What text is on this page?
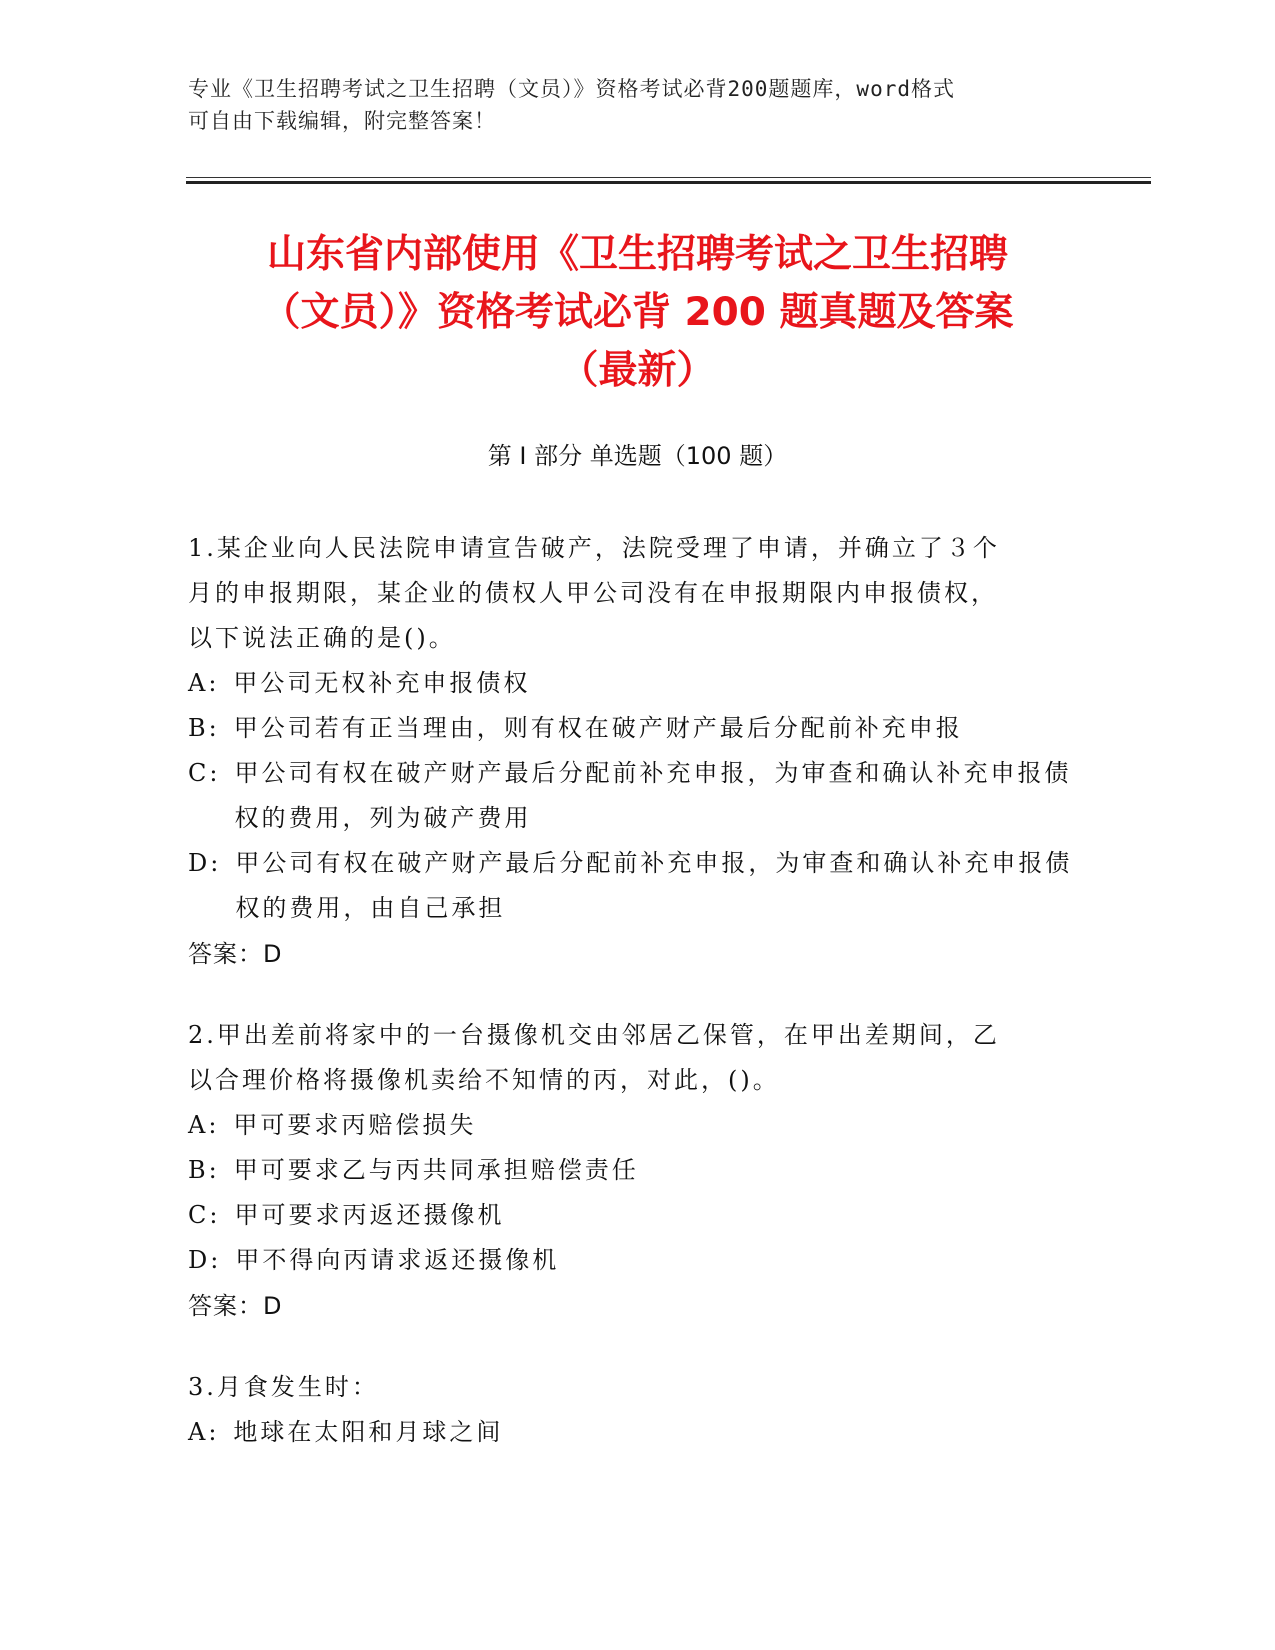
专业《卫生招聘考试之卫生招聘（文员）》资格考试必背200题题库，word格式
可自由下载编辑，附完整答案！
山东省内部使用《卫生招聘考试之卫生招聘
（文员）》资格考试必背 200 题真题及答案
（最新）
第 I 部分 单选题（100 题）
1.某企业向人民法院申请宣告破产，法院受理了申请，并确立了３个
月的申报期限，某企业的债权人甲公司没有在申报期限内申报债权，
以下说法正确的是()。
A: 甲公司无权补充申报债权
B: 甲公司若有正当理由，则有权在破产财产最后分配前补充申报
C: 甲公司有权在破产财产最后分配前补充申报，为审查和确认补充申报债权的费用，列为破产费用
D: 甲公司有权在破产财产最后分配前补充申报，为审查和确认补充申报债权的费用，由自己承担
答案：D
2.甲出差前将家中的一台摄像机交由邻居乙保管，在甲出差期间，乙
以合理价格将摄像机卖给不知情的丙，对此，()。
A: 甲可要求丙赔偿损失
B: 甲可要求乙与丙共同承担赔偿责任
C: 甲可要求丙返还摄像机
D: 甲不得向丙请求返还摄像机
答案：D
3.月食发生时：
A: 地球在太阳和月球之间
